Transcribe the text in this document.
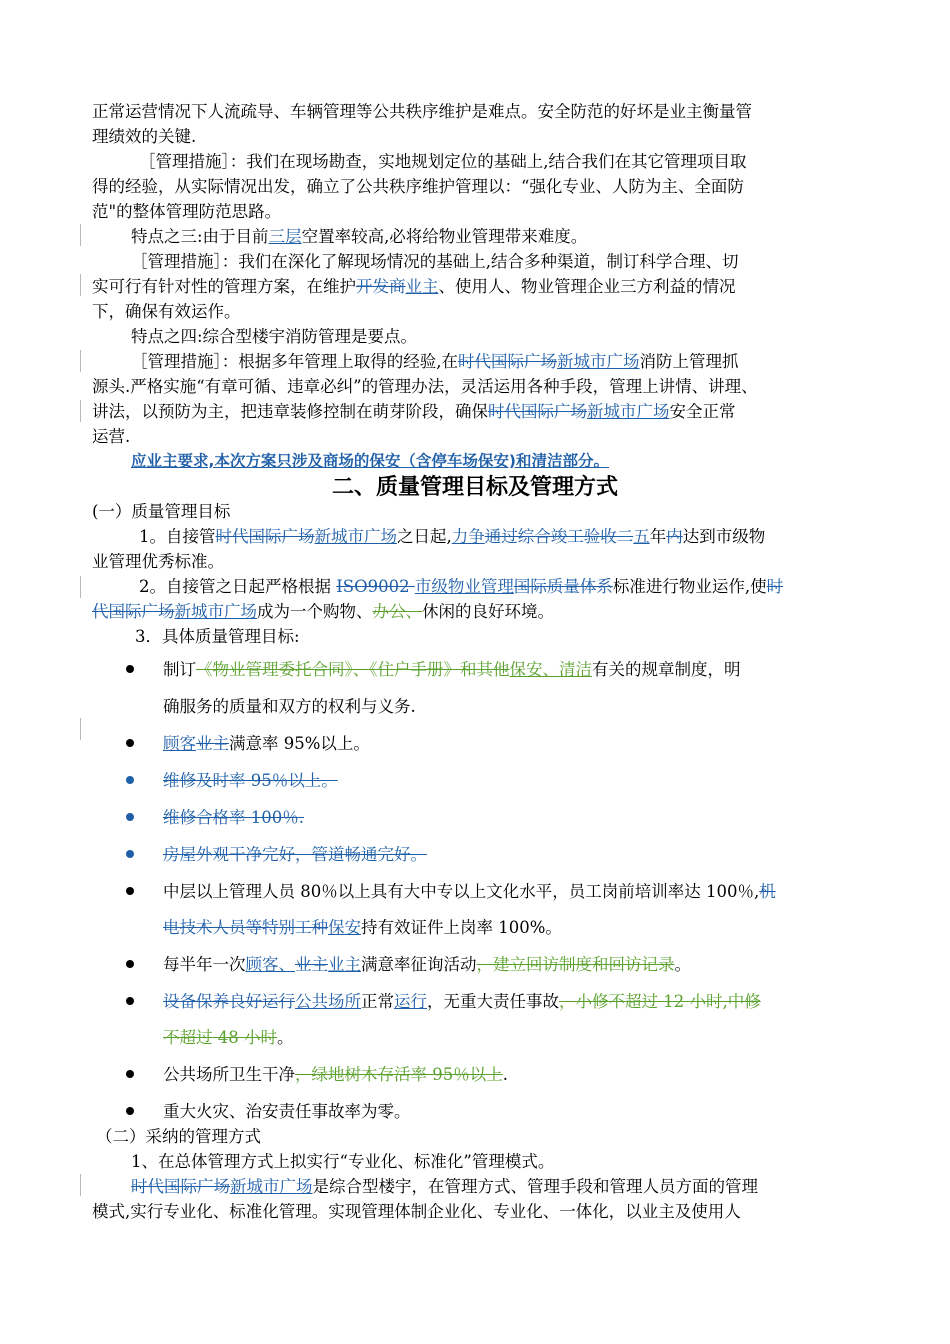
正常运营情况下人流疏导、车辆管理等公共秩序维护是难点。安全防范的好坏是业主衡量管

理绩效的关键.

［管理措施］：我们在现场勘查，实地规划定位的基础上,结合我们在其它管理项目取

得的经验，从实际情况出发，确立了公共秩序维护管理以：“强化专业、人防为主、全面防

范"的整体管理防范思路。

特点之三:由于目前三层空置率较高,必将给物业管理带来难度。

［管理措施］：我们在深化了解现场情况的基础上,结合多种渠道，制订科学合理、切

实可行有针对性的管理方案，在维护开发商业主、使用人、物业管理企业三方利益的情况

下，确保有效运作。

特点之四:综合型楼宇消防管理是要点。

［管理措施］：根据多年管理上取得的经验,在时代国际广场新城市广场消防上管理抓

源头.严格实施“有章可循、违章必纠”的管理办法，灵活运用各种手段，管理上讲情、讲理、

讲法，以预防为主，把违章装修控制在萌芽阶段，确保时代国际广场新城市广场安全正常

运营.

应业主要求,本次方案只涉及商场的保安（含停车场保安)和清洁部分。

二、质量管理目标及管理方式

(一）质量管理目标

1。自接管时代国际广场新城市广场之日起,力争通过综合竣工验收二五年内达到市级物

业管理优秀标准。

2。自接管之日起严格根据 ISO9002 市级物业管理国际质量体系标准进行物业运作,使时

代国际广场新城市广场成为一个购物、办公、休闲的良好环境。

3．具体质量管理目标:

制订《物业管理委托合同》、《住户手册》和其他保安、清洁有关的规章制度，明
确服务的质量和双方的权利与义务.
顾客业主满意率 95%以上。
维修及时率 95％以上。
维修合格率 100％.
房屋外观干净完好，管道畅通完好。
中层以上管理人员 80％以上具有大中专以上文化水平，员工岗前培训率达 100％,机
电技术人员等特别工种保安持有效证件上岗率 100%。
每半年一次顾客、业主业主满意率征询活动，建立回访制度和回访记录。
设备保养良好运行公共场所正常运行，无重大责任事故，小修不超过 12 小时,中修
不超过 48 小时。
公共场所卫生干净，绿地树木存活率 95％以上.
重大火灾、治安责任事故率为零。

（二）采纳的管理方式

1、在总体管理方式上拟实行“专业化、标准化”管理模式。

时代国际广场新城市广场是综合型楼宇，在管理方式、管理手段和管理人员方面的管理

模式,实行专业化、标准化管理。实现管理体制企业化、专业化、一体化，以业主及使用人
